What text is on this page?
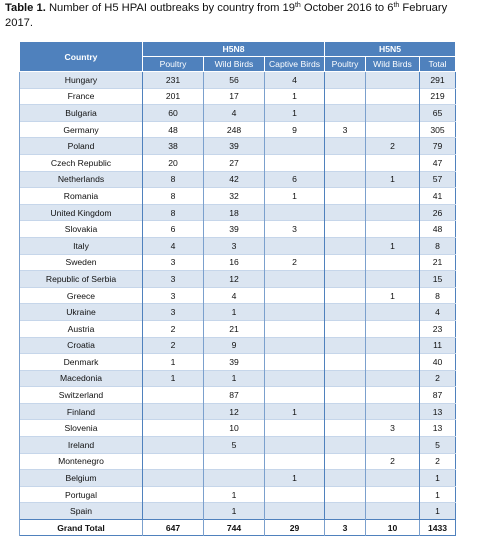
Table 1. Number of H5 HPAI outbreaks by country from 19th October 2016 to 6th February 2017.
Country	H5N8			H5N5		
	Poultry	Wild Birds	Captive Birds	Poultry	Wild Birds	Total
Hungary	231	56	4			291
France	201	17	1			219
Bulgaria	60	4	1			65
Germany	48	248	9	3		305
Poland	38	39			2	79
Czech Republic	20	27				47
Netherlands	8	42	6		1	57
Romania	8	32	1			41
United Kingdom	8	18				26
Slovakia	6	39	3			48
Italy	4	3			1	8
Sweden	3	16	2			21
Republic of Serbia	3	12				15
Greece	3	4			1	8
Ukraine	3	1				4
Austria	2	21				23
Croatia	2	9				11
Denmark	1	39				40
Macedonia	1	1				2
Switzerland		87				87
Finland		12	1			13
Slovenia		10			3	13
Ireland		5				5
Montenegro					2	2
Belgium			1			1
Portugal		1				1
Spain		1				1
Grand Total	647	744	29	3	10	1433
